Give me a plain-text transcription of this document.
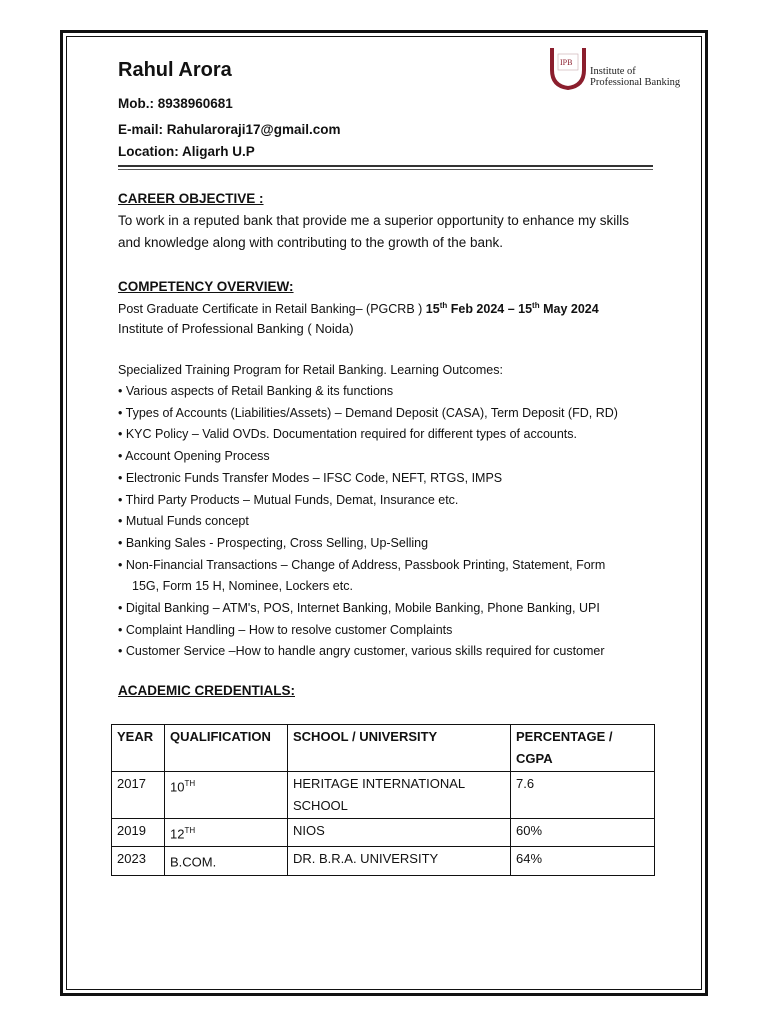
Rahul Arora
Mob.: 8938960681
E-mail: Rahularoraji17@gmail.com
Location: Aligarh U.P
CAREER OBJECTIVE :
To work in a reputed bank that provide me a superior opportunity to enhance my skills and knowledge along with contributing to the growth of the bank.
COMPETENCY OVERVIEW:
Post Graduate Certificate in Retail Banking– (PGCRB ) 15th Feb 2024 – 15th May 2024
Institute of Professional Banking ( Noida)
Specialized Training Program for Retail Banking. Learning Outcomes:
• Various aspects of Retail Banking & its functions
• Types of Accounts (Liabilities/Assets) – Demand Deposit (CASA), Term Deposit (FD, RD)
• KYC Policy – Valid OVDs. Documentation required for different types of accounts.
• Account Opening Process
• Electronic Funds Transfer Modes – IFSC Code, NEFT, RTGS, IMPS
• Third Party Products – Mutual Funds, Demat, Insurance etc.
• Mutual Funds concept
• Banking Sales - Prospecting, Cross Selling, Up-Selling
• Non-Financial Transactions – Change of Address, Passbook Printing, Statement, Form
15G, Form 15 H, Nominee, Lockers etc.
• Digital Banking – ATM's, POS, Internet Banking, Mobile Banking, Phone Banking, UPI
• Complaint Handling – How to resolve customer Complaints
• Customer Service –How to handle angry customer, various skills required for customer
ACADEMIC CREDENTIALS:
IPB
Institute of
Professional Banking
YEAR	QUALIFICATION	SCHOOL / UNIVERSITY	PERCENTAGE / CGPA
2017	10TH	HERITAGE INTERNATIONAL SCHOOL	7.6
2019	12TH	NIOS	60%
2023	B.COM.	DR. B.R.A. UNIVERSITY	64%
